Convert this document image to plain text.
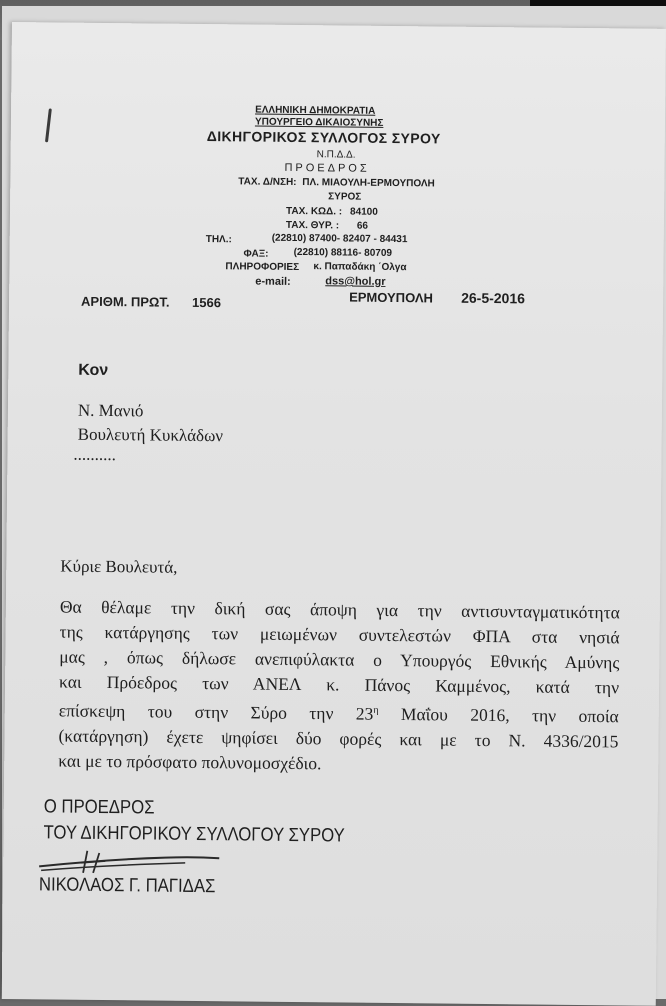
ΕΛΛΗΝΙΚΗ ΔΗΜΟΚΡΑΤΙΑ
ΥΠΟΥΡΓΕΙΟ ΔΙΚΑΙΟΣΥΝΗΣ
ΔΙΚΗΓΟΡΙΚΟΣ ΣΥΛΛΟΓΟΣ ΣΥΡΟΥ
Ν.Π.Δ.Δ.
ΠΡΟΕΔΡΟΣ
ΤΑΧ. Δ/ΝΣΗ: ΠΛ. ΜΙΑΟΥΛΗ-ΕΡΜΟΥΠΟΛΗ
ΣΥΡΟΣ
ΤΑΧ. ΚΩΔ. : 84100
ΤΑΧ. ΘΥΡ. : 66
ΤΗΛ.:	(22810) 87400- 82407 - 84431
ΦΑΞ: (22810) 88116- 80709
ΠΛΗΡΟΦΟΡΙΕΣ κ. Παπαδάκη ΄Ολγα
e-mail:	dss@hol.gr
ΑΡΙΘΜ. ΠΡΩΤ. 1566	ΕΡΜΟΥΠΟΛΗ 26-5-2016
Κον
Ν. Μανιό
Βουλευτή Κυκλάδων
..........
Κύριε Βουλευτά,
Θα θέλαμε την δική σας άποψη για την αντισυνταγματικότητα
της κατάργησης των μειωμένων συντελεστών ΦΠΑ στα νησιά
μας , όπως δήλωσε ανεπιφύλακτα ο Υπουργός Εθνικής Αμύνης
και Πρόεδρος των ΑΝΕΛ κ. Πάνος Καμμένος, κατά την
επίσκεψη του στην Σύρο την $23^\eta$ Μαΐου 2016, την οποία
(κατάργηση) έχετε ψηφίσει δύο φορές και με το Ν. 4336/2015
και με το πρόσφατο πολυνομοσχέδιο.
Ο ΠΡΟΕΔΡΟΣ
ΤΟΥ ΔΙΚΗΓΟΡΙΚΟΥ ΣΥΛΛΟΓΟΥ ΣΥΡΟΥ
ΝΙΚΟΛΑΟΣ Γ. ΠΑΓΙΔΑΣ
